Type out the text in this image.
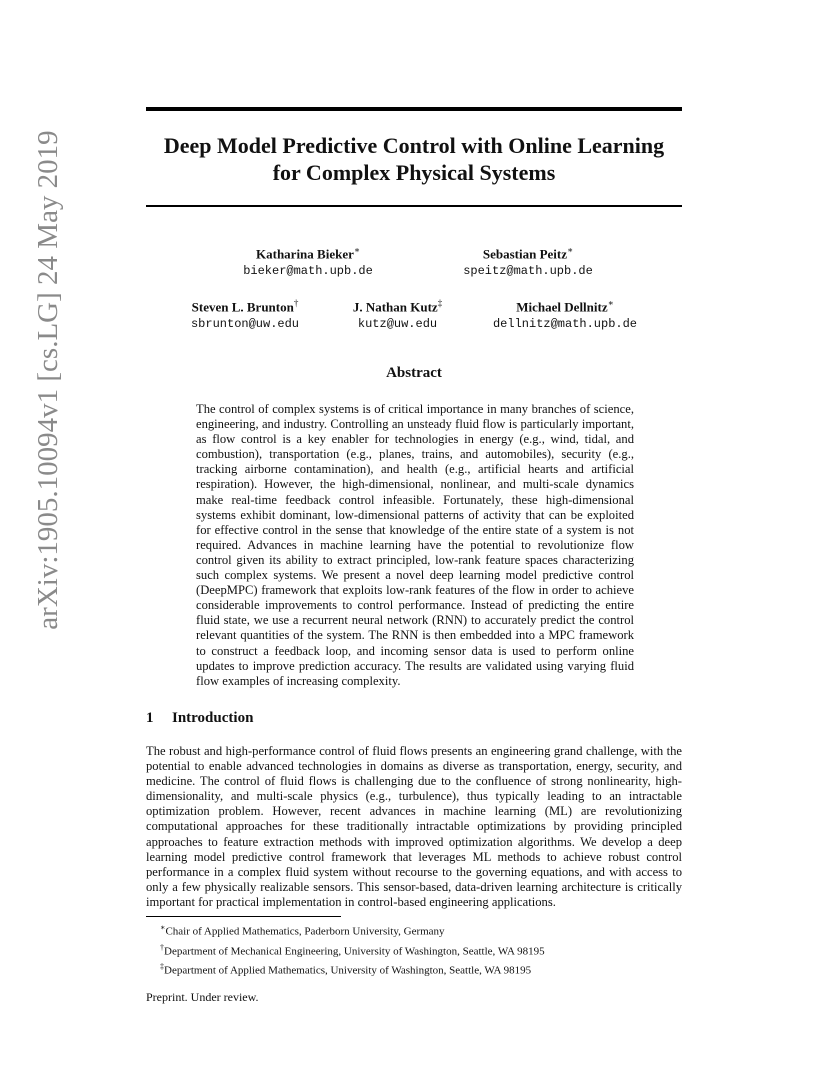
arXiv:1905.10094v1 [cs.LG] 24 May 2019	Deep Model Predictive Control with Online Learning
for Complex Physical Systems
Katharina Bieker∗
bieker@math.upb.de
Sebastian Peitz∗
speitz@math.upb.de
Steven L. Brunton†
sbrunton@uw.edu
J. Nathan Kutz‡
kutz@uw.edu
Michael Dellnitz∗
dellnitz@math.upb.de
Abstract
The control of complex systems is of critical importance in many branches of science, engineering, and industry. Controlling an unsteady fluid flow is particularly important, as flow control is a key enabler for technologies in energy (e.g., wind, tidal, and combustion), transportation (e.g., planes, trains, and automobiles), security (e.g., tracking airborne contamination), and health (e.g., artificial hearts and artificial respiration). However, the high-dimensional, nonlinear, and multi-scale dynamics make real-time feedback control infeasible. Fortunately, these high-dimensional systems exhibit dominant, low-dimensional patterns of activity that can be exploited for effective control in the sense that knowledge of the entire state of a system is not required. Advances in machine learning have the potential to revolutionize flow control given its ability to extract principled, low-rank feature spaces characterizing such complex systems. We present a novel deep learning model predictive control (DeepMPC) framework that exploits low-rank features of the flow in order to achieve considerable improvements to control performance. Instead of predicting the entire fluid state, we use a recurrent neural network (RNN) to accurately predict the control relevant quantities of the system. The RNN is then embedded into a MPC framework to construct a feedback loop, and incoming sensor data is used to perform online updates to improve prediction accuracy. The results are validated using varying fluid flow examples of increasing complexity.
1 Introduction
The robust and high-performance control of fluid flows presents an engineering grand challenge, with the potential to enable advanced technologies in domains as diverse as transportation, energy, security, and medicine. The control of fluid flows is challenging due to the confluence of strong nonlinearity, high-dimensionality, and multi-scale physics (e.g., turbulence), thus typically leading to an intractable optimization problem. However, recent advances in machine learning (ML) are revolutionizing computational approaches for these traditionally intractable optimizations by providing principled approaches to feature extraction methods with improved optimization algorithms. We develop a deep learning model predictive control framework that leverages ML methods to achieve robust control performance in a complex fluid system without recourse to the governing equations, and with access to only a few physically realizable sensors. This sensor-based, data-driven learning architecture is critically important for practical implementation in control-based engineering applications.
∗Chair of Applied Mathematics, Paderborn University, Germany
†Department of Mechanical Engineering, University of Washington, Seattle, WA 98195
‡Department of Applied Mathematics, University of Washington, Seattle, WA 98195
Preprint. Under review.
